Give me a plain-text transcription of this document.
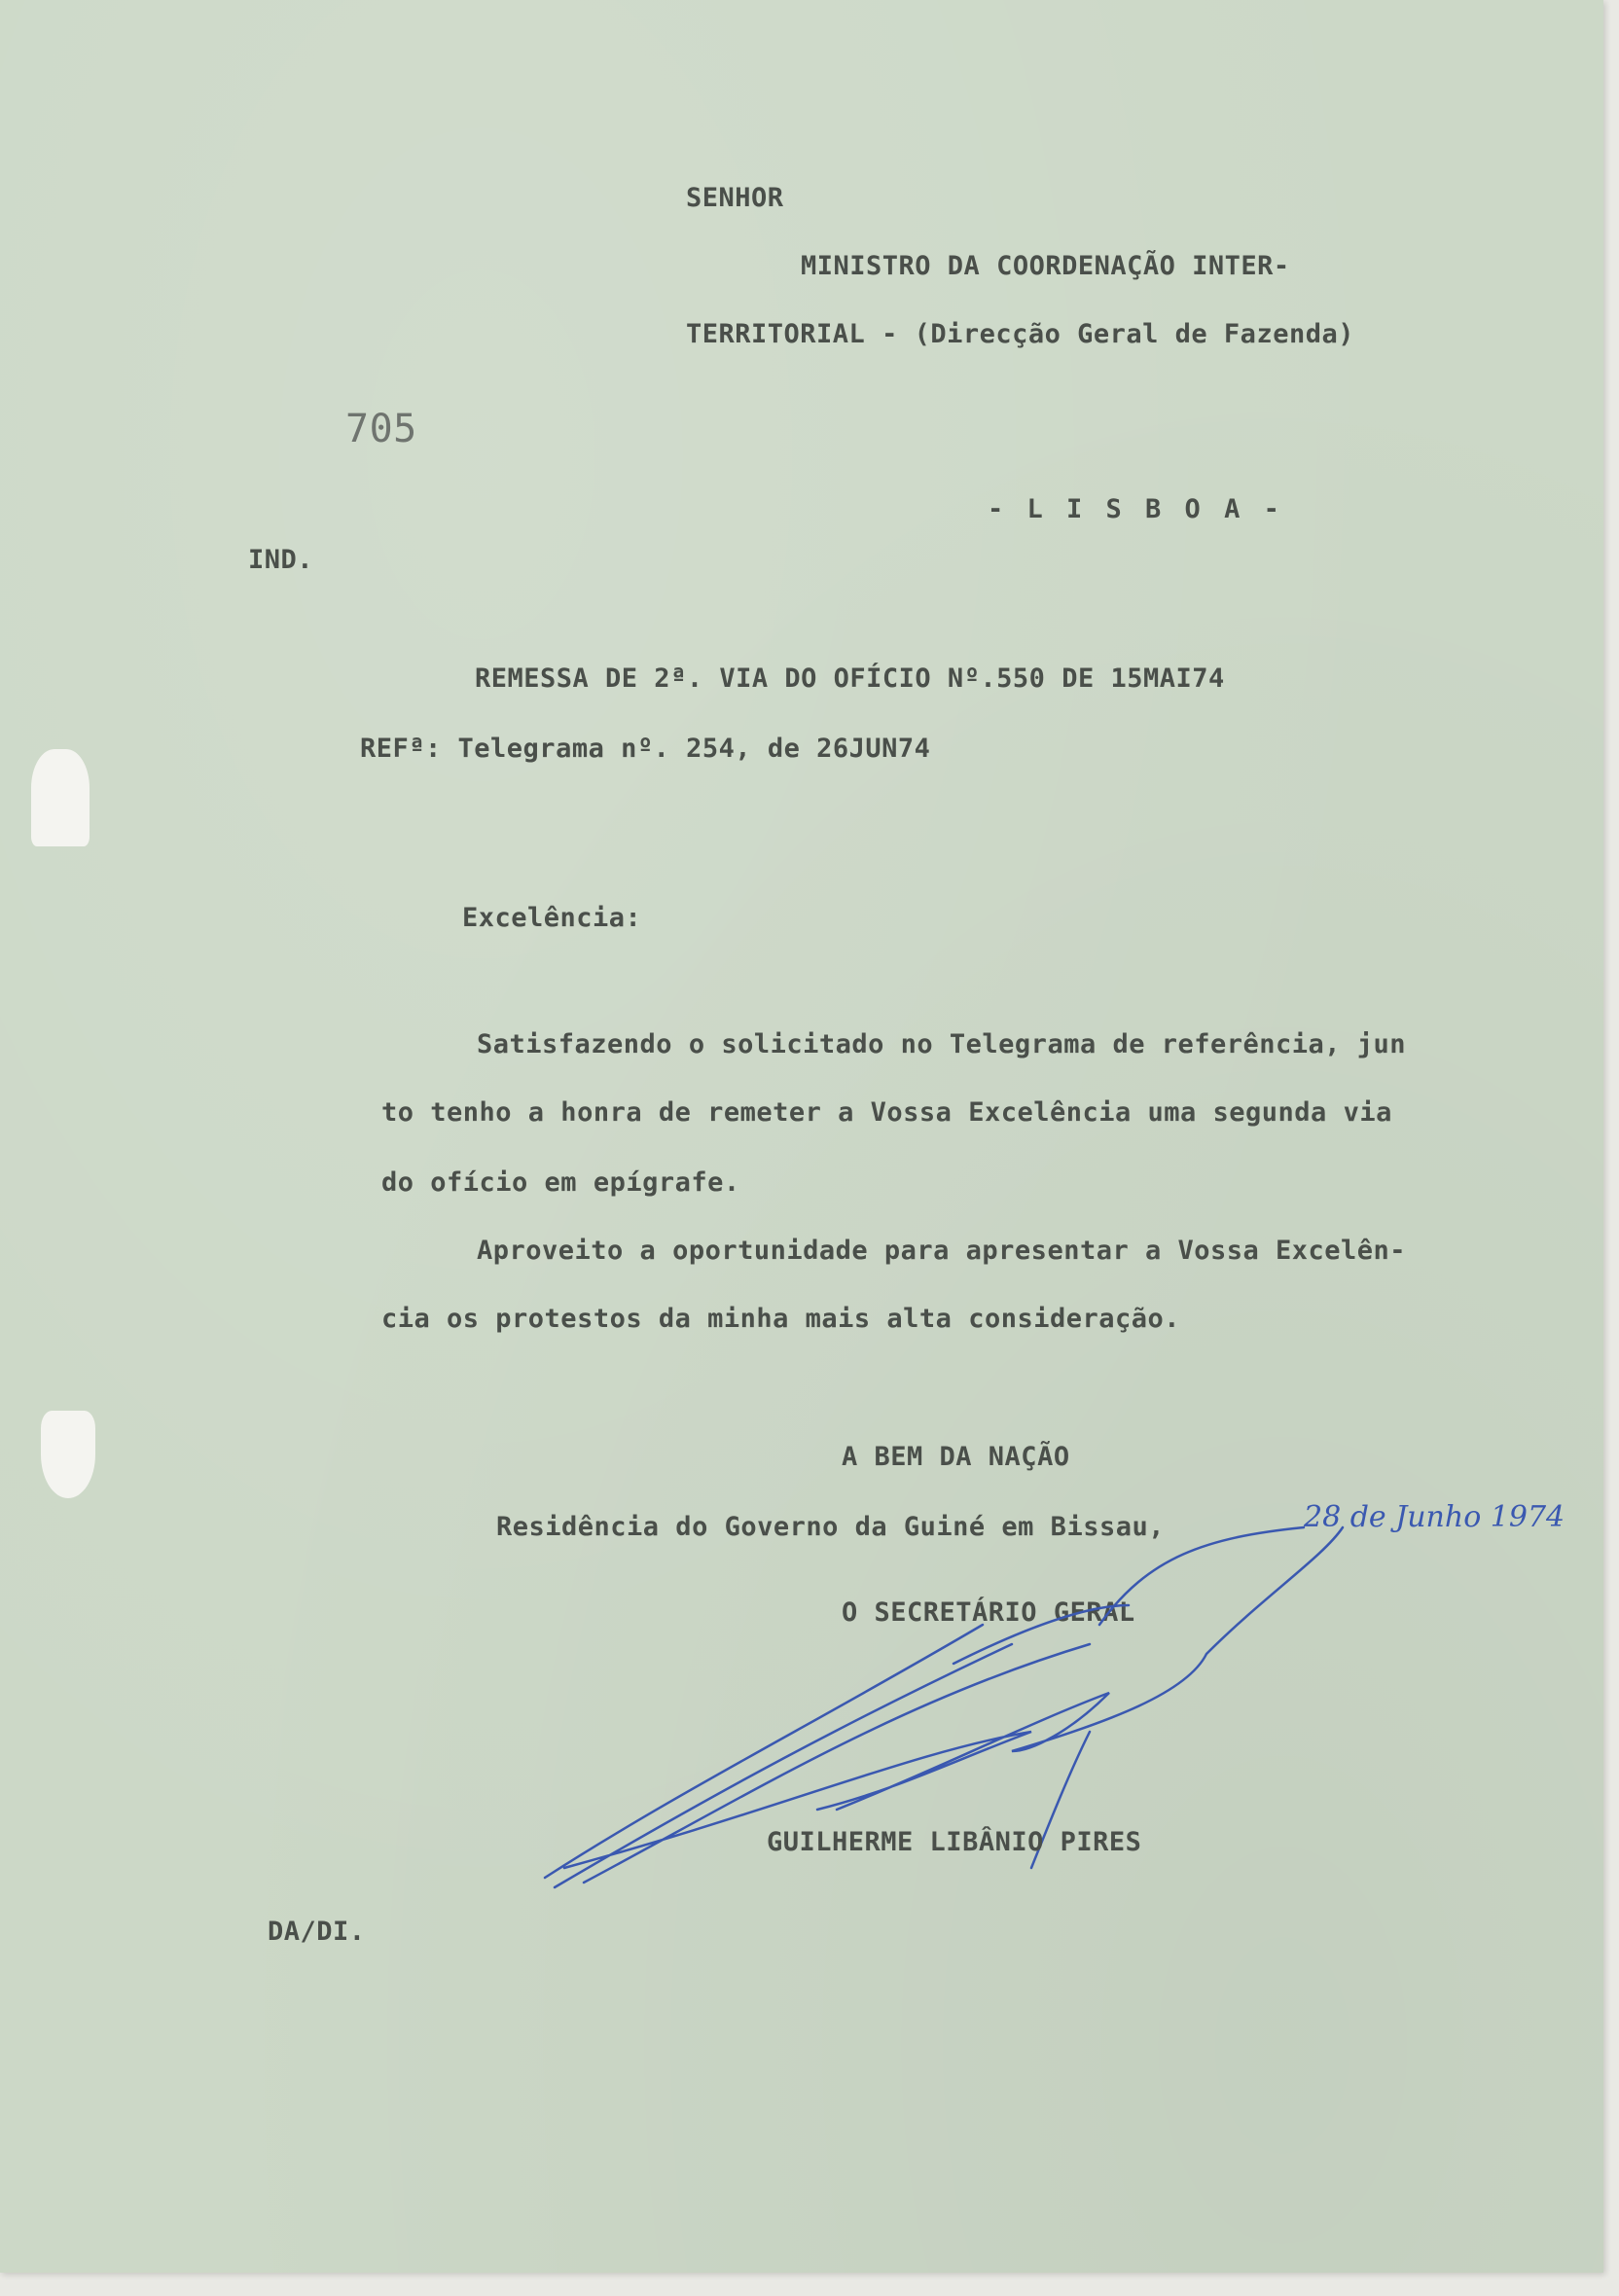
SENHOR
MINISTRO DA COORDENAÇÃO INTER-
TERRITORIAL - (Direcção Geral de Fazenda)
705
- L I S B O A -
IND.
REMESSA DE 2ª. VIA DO OFÍCIO Nº.550 DE 15MAI74
REFª: Telegrama nº. 254, de 26JUN74
Excelência:
Satisfazendo o solicitado no Telegrama de referência, jun
to tenho a honra de remeter a Vossa Excelência uma segunda via
do ofício em epígrafe.
Aproveito a oportunidade para apresentar a Vossa Excelên-
cia os protestos da minha mais alta consideração.
A BEM DA NAÇÃO
Residência do Governo da Guiné em Bissau,	28 de Junho 1974
O SECRETÁRIO GERAL
GUILHERME LIBÂNIO PIRES
DA/DI.
